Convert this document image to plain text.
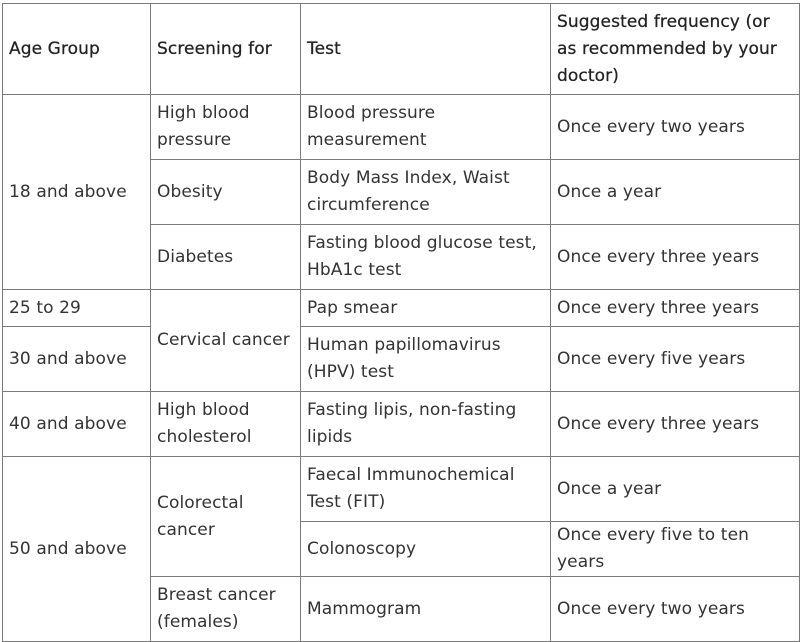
Age Group	Screening for	Test	Suggested frequency (or as recommended by your doctor)
18 and above	High blood pressure	Blood pressure measurement	Once every two years
	Obesity	Body Mass Index, Waist circumference	Once a year
	Diabetes	Fasting blood glucose test, HbA1c test	Once every three years
25 to 29	Cervical cancer	Pap smear	Once every three years
30 and above		Human papillomavirus (HPV) test	Once every five years
40 and above	High blood cholesterol	Fasting lipis, non-fasting lipids	Once every three years
50 and above	Colorectal cancer	Faecal Immunochemical Test (FIT)	Once a year
		Colonoscopy	Once every five to ten years
	Breast cancer (females)	Mammogram	Once every two years
